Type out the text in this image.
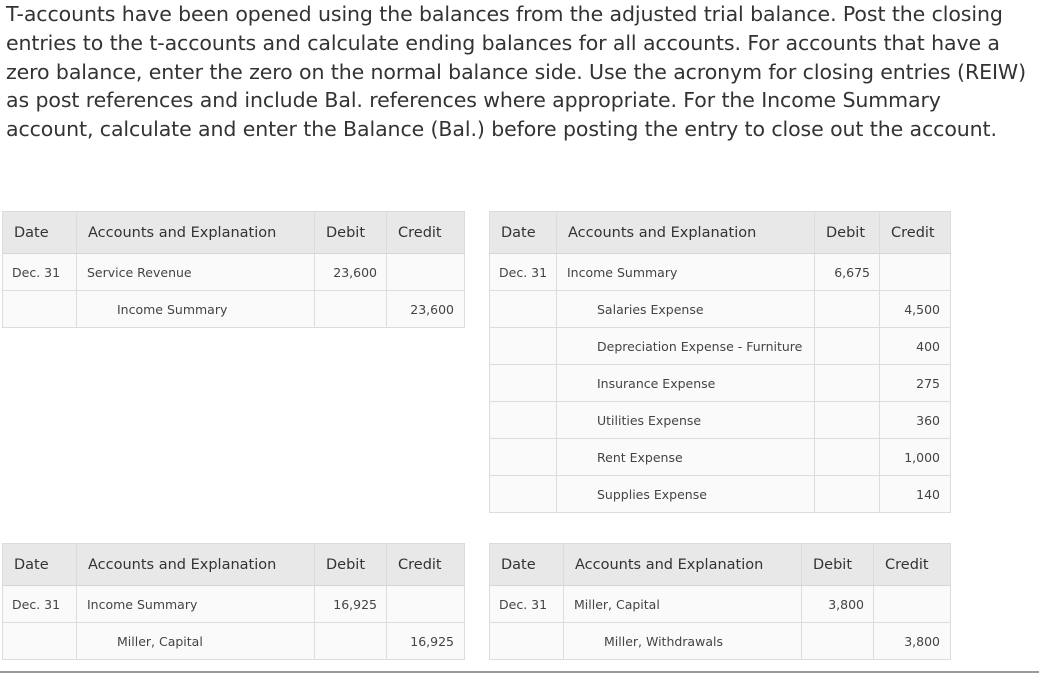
T-accounts have been opened using the balances from the adjusted trial balance. Post the closing entries to the t-accounts and calculate ending balances for all accounts. For accounts that have a zero balance, enter the zero on the normal balance side. Use the acronym for closing entries (REIW) as post references and include Bal. references where appropriate. For the Income Summary account, calculate and enter the Balance (Bal.) before posting the entry to close out the account.

Date	Accounts and Explanation	Debit	Credit
Dec. 31	Service Revenue	23,600	
	Income Summary		23,600
Date	Accounts and Explanation	Debit	Credit
Dec. 31	Income Summary	6,675	
	Salaries Expense		4,500
	Depreciation Expense - Furniture		400
	Insurance Expense		275
	Utilities Expense		360
	Rent Expense		1,000
	Supplies Expense		140
Date	Accounts and Explanation	Debit	Credit
Dec. 31	Income Summary	16,925	
	Miller, Capital		16,925
Date	Accounts and Explanation	Debit	Credit
Dec. 31	Miller, Capital	3,800	
	Miller, Withdrawals		3,800
